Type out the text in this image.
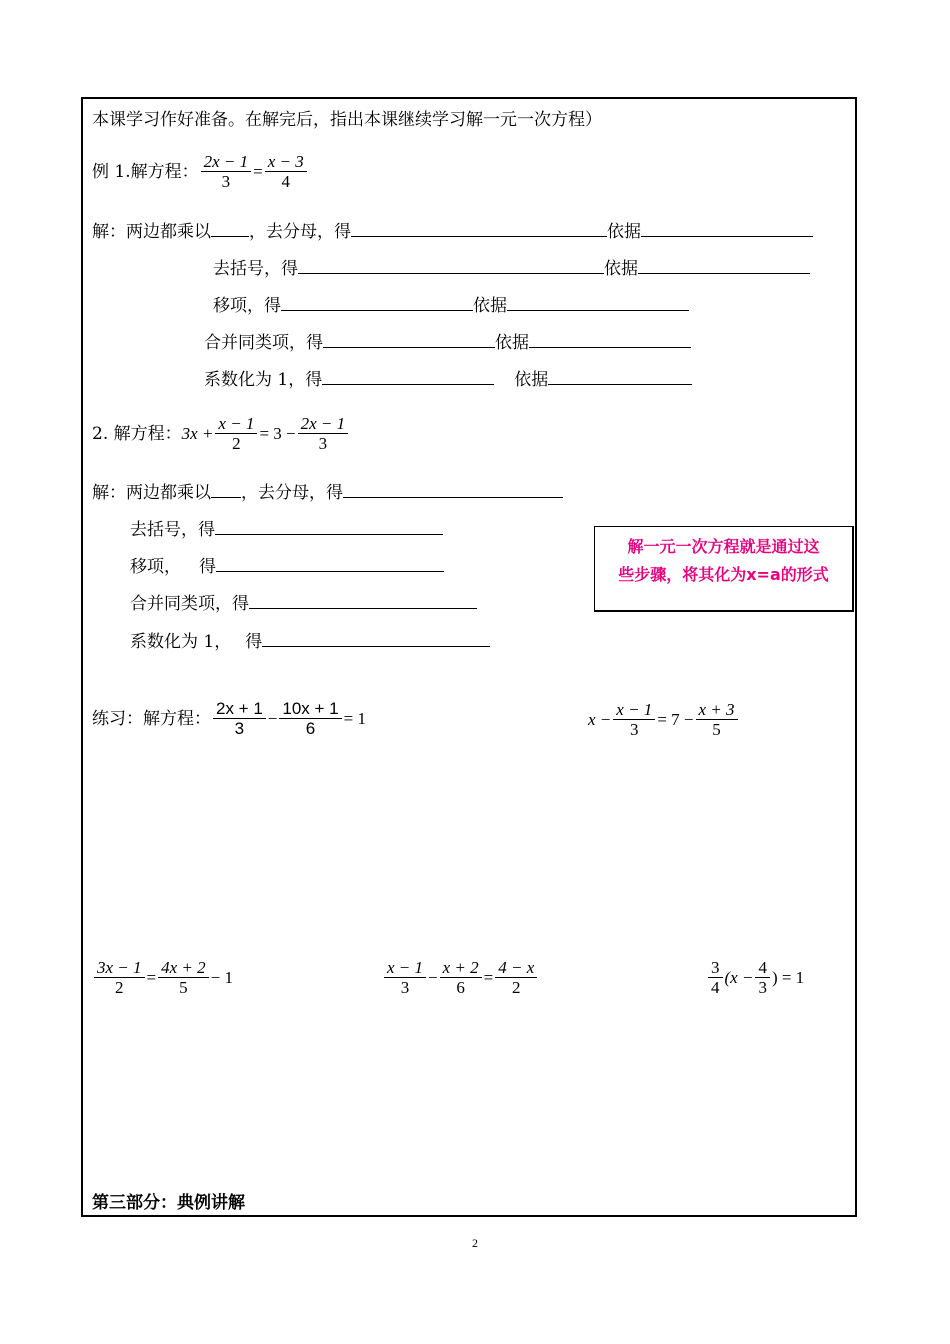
本课学习作好准备。在解完后，指出本课继续学习解一元一次方程）
例 1.解方程： $\frac{2x - 1}{3} = \frac{x - 3}{4}$
解：两边都乘以 ，去分母，得	依据
去括号，得	依据
移项，得	依据
合并同类项，得	依据
系数化为 1，得	依据
2. 解方程： $3x + \frac{x - 1}{2} = 3 - \frac{2x - 1}{3}$
解：两边都乘以 ，去分母，得
去括号，得
移项， 得
合并同类项，得
系数化为 1， 得
解一元一次方程就是通过这
些步骤，将其化为x=a的形式
练习：解方程： $\frac{2x + 1}{3} - \frac{10x + 1}{6} = 1$	$x - \frac{x - 1}{3} = 7 - \frac{x + 3}{5}$
$\frac{3x - 1}{2} = \frac{4x + 2}{5} - 1$	$\frac{x - 1}{3} - \frac{x + 2}{6} = \frac{4 - x}{2}$	$\frac{3}{4} (x - \frac{4}{3}$ ) = 1
第三部分：典例讲解
2
